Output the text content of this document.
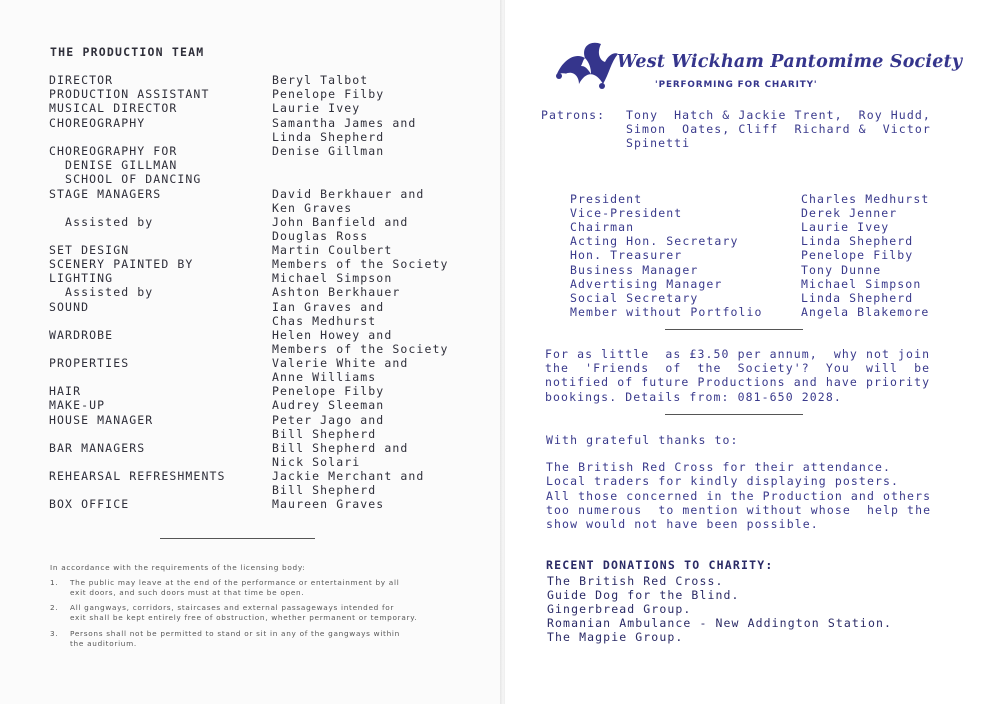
THE PRODUCTION TEAM
DIRECTOR	Beryl Talbot
PRODUCTION ASSISTANT	Penelope Filby
MUSICAL DIRECTOR	Laurie Ivey
CHOREOGRAPHY	Samantha James and
Linda Shepherd
CHOREOGRAPHY FOR
DENISE GILLMAN
SCHOOL OF DANCING
Denise Gillman
STAGE MANAGERS	David Berkhauer and
Ken Graves
Assisted by	John Banfield and
Douglas Ross
SET DESIGN	Martin Coulbert
SCENERY PAINTED BY	Members of the Society
LIGHTING	Michael Simpson
Assisted by	Ashton Berkhauer
SOUND	Ian Graves and
Chas Medhurst
WARDROBE	Helen Howey and
Members of the Society
PROPERTIES	Valerie White and
Anne Williams
HAIR	Penelope Filby
MAKE-UP	Audrey Sleeman
HOUSE MANAGER	Peter Jago and
Bill Shepherd
BAR MANAGERS	Bill Shepherd and
Nick Solari
REHEARSAL REFRESHMENTS	Jackie Merchant and
Bill Shepherd
BOX OFFICE	Maureen Graves
In accordance with the requirements of the licensing body:
1. The public may leave at the end of the performance or entertainment by all
exit doors, and such doors must at that time be open.
2. All gangways, corridors, staircases and external passageways intended for
exit shall be kept entirely free of obstruction, whether permanent or temporary.
3. Persons shall not be permitted to stand or sit in any of the gangways within
the auditorium.
West Wickham Pantomime Society
'PERFORMING FOR CHARITY'
Patrons: Tony  Hatch & Jackie Trent,  Roy Hudd,
Simon  Oates, Cliff  Richard &  Victor
Spinetti
President	Charles Medhurst
Vice-President	Derek Jenner
Chairman	Laurie Ivey
Acting Hon. Secretary	Linda Shepherd
Hon. Treasurer	Penelope Filby
Business Manager	Tony Dunne
Advertising Manager	Michael Simpson
Social Secretary	Linda Shepherd
Member without Portfolio	Angela Blakemore
For as little  as £3.50 per annum,  why not join
the  'Friends  of  the  Society'?  You  will  be
notified of future Productions and have priority
bookings. Details from: 081-650 2028.
With grateful thanks to:
The British Red Cross for their attendance.
Local traders for kindly displaying posters.
All those concerned in the Production and others
too numerous  to mention without whose  help the
show would not have been possible.
RECENT DONATIONS TO CHARITY:
The British Red Cross.
Guide Dog for the Blind.
Gingerbread Group.
Romanian Ambulance - New Addington Station.
The Magpie Group.
